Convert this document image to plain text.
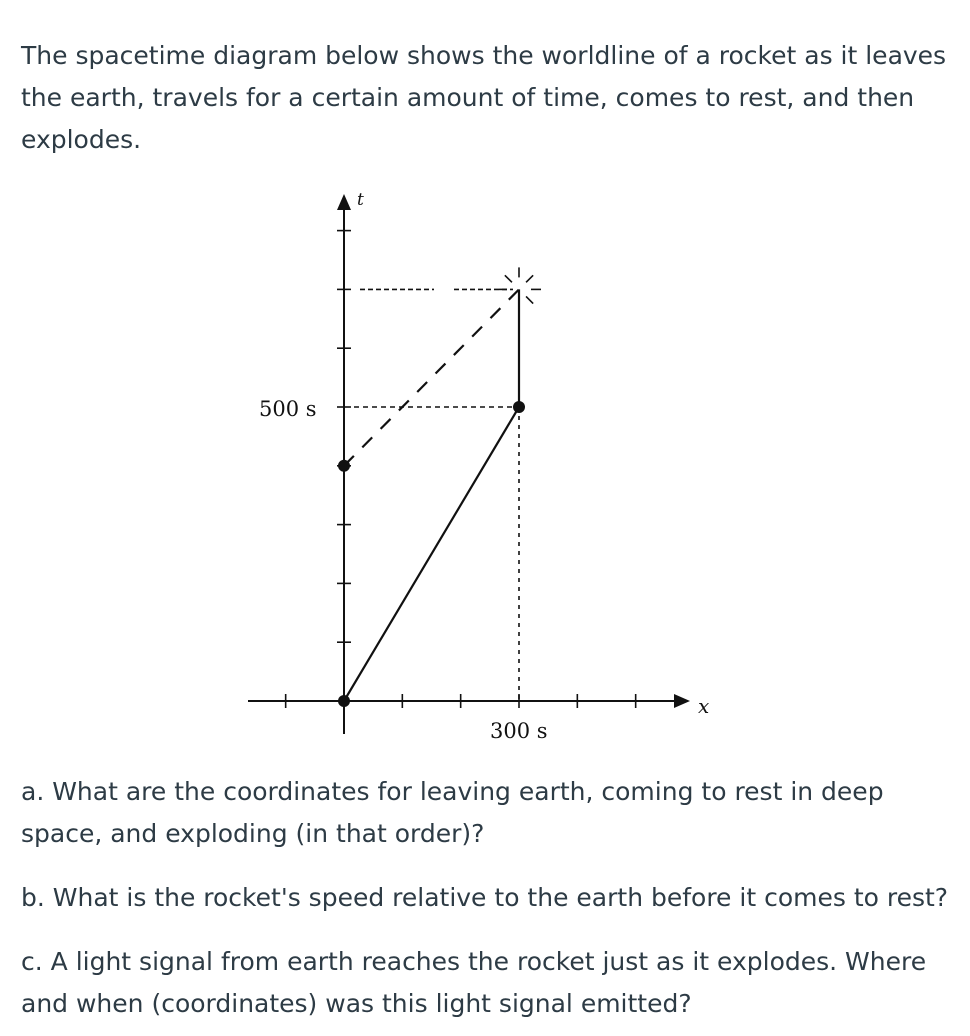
The spacetime diagram below shows the worldline of a rocket as it leaves the earth, travels for a certain amount of time, comes to rest, and then explodes.

t
x
500 s
300 s

a. What are the coordinates for leaving earth, coming to rest in deep space, and exploding (in that order)?

b. What is the rocket's speed relative to the earth before it comes to rest?

c. A light signal from earth reaches the rocket just as it explodes. Where and when (coordinates) was this light signal emitted?
